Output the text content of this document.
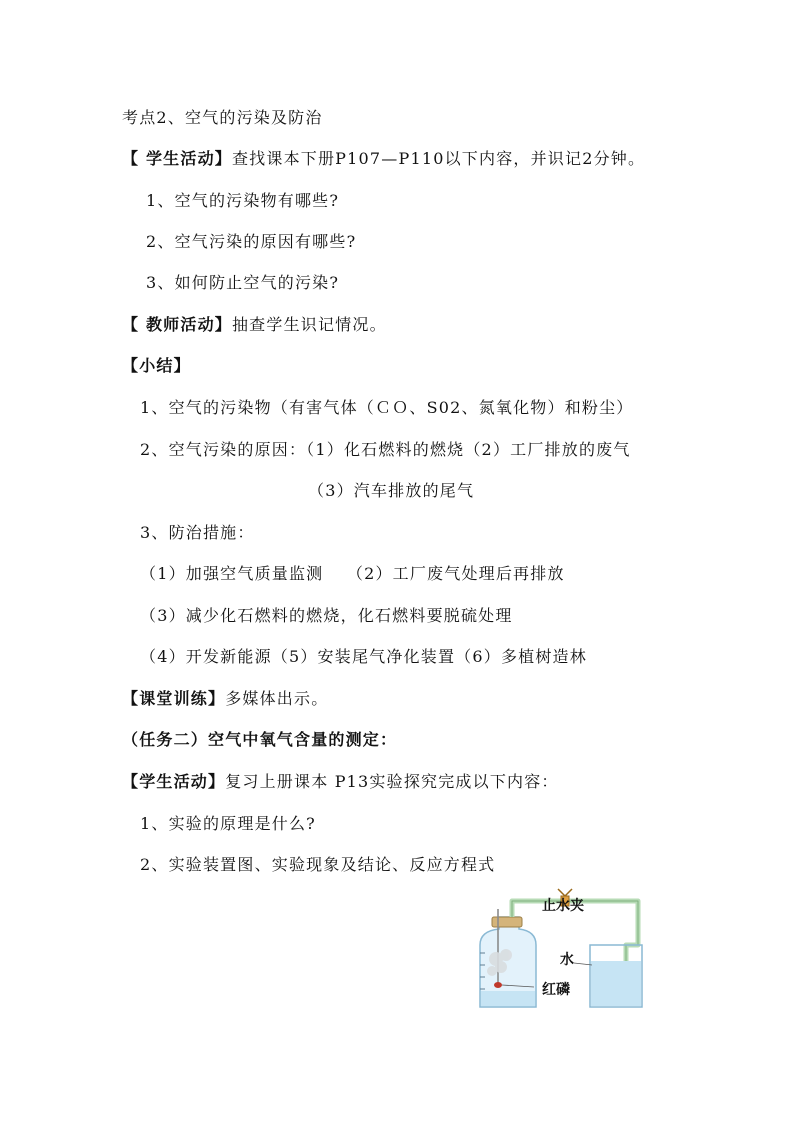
考点2、空气的污染及防治
【 学生活动】查找课本下册P107—P110以下内容，并识记2分钟。
1、空气的污染物有哪些?
2、空气污染的原因有哪些?
3、如何防止空气的污染?
【 教师活动】抽查学生识记情况。
【小结】
1、空气的污染物（有害气体（ＣＯ、S02、氮氧化物）和粉尘）
2、空气污染的原因：（1）化石燃料的燃烧（2）工厂排放的废气
（3）汽车排放的尾气
3、防治措施：
（1）加强空气质量监测　 （2）工厂废气处理后再排放
（3）减少化石燃料的燃烧，化石燃料要脱硫处理
（4）开发新能源（5）安装尾气净化装置（6）多植树造林
【课堂训练】多媒体出示。
（任务二）空气中氧气含量的测定：
【学生活动】复习上册课本 P13实验探究完成以下内容：
1、实验的原理是什么?
2、实验装置图、实验现象及结论、反应方程式
止水夹
水
红磷
